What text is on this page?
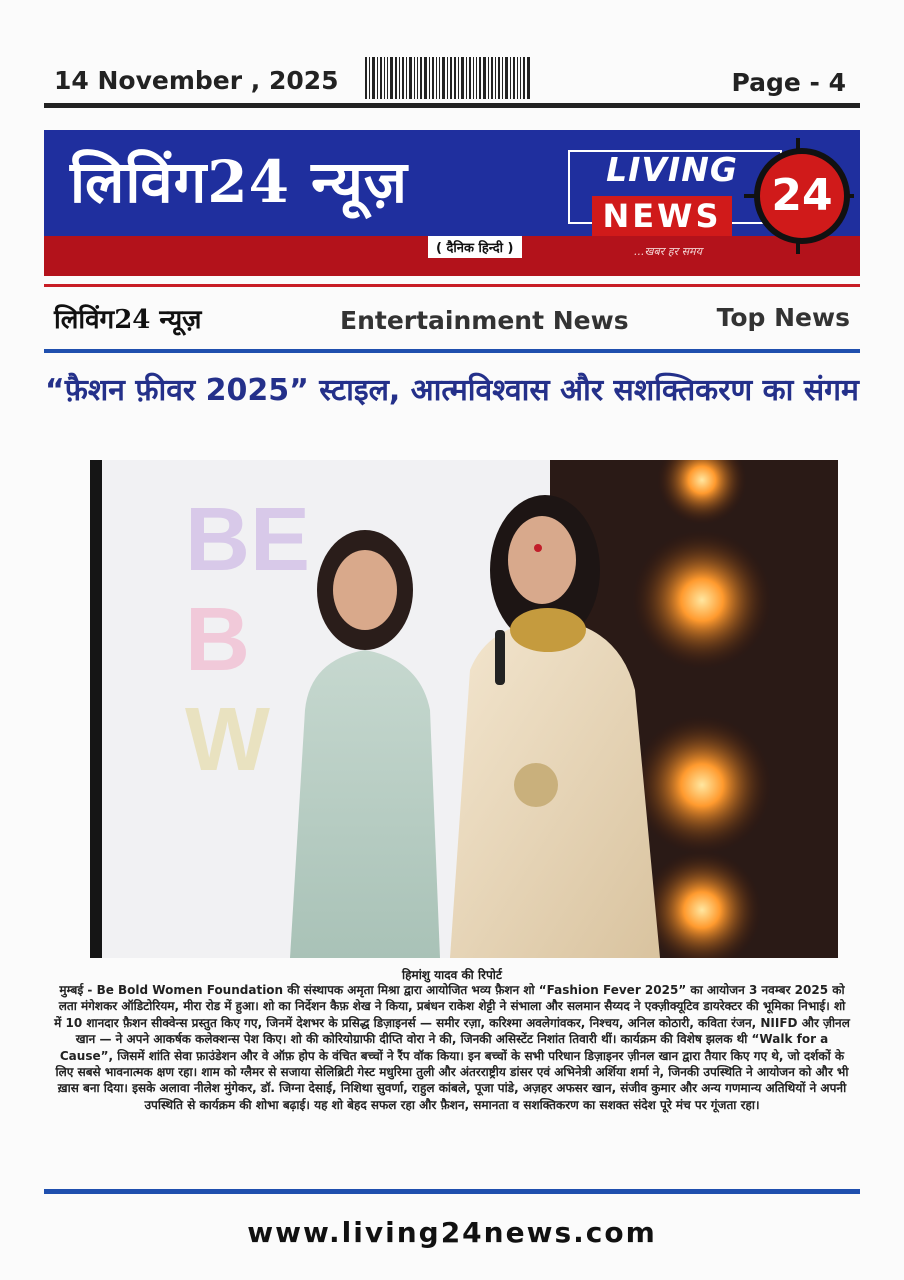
14 November , 2025	Page - 4
लिविंग24 न्यूज़
( दैनिक हिन्दी )
LIVING
NEWS	24
...खबर हर समय
लिविंग24 न्यूज़	Entertainment News	Top News
“फ़ैशन फ़ीवर 2025” स्टाइल, आत्मविश्वास और सशक्तिकरण का संगम
BE
B
W
हिमांशु यादव की रिपोर्ट
मुम्बई - Be Bold Women Foundation की संस्थापक अमृता मिश्रा द्वारा आयोजित भव्य फ़ैशन शो “Fashion Fever 2025” का आयोजन 3 नवम्बर 2025 को लता मंगेशकर ऑडिटोरियम, मीरा रोड में हुआ। शो का निर्देशन कैफ़ शेख ने किया, प्रबंधन राकेश शेट्टी ने संभाला और सलमान सैय्यद ने एक्ज़ीक्यूटिव डायरेक्टर की भूमिका निभाई। शो में 10 शानदार फ़ैशन सीक्वेन्स प्रस्तुत किए गए, जिनमें देशभर के प्रसिद्ध डिज़ाइनर्स — समीर रज़ा, करिश्मा अवलेगांवकर, निश्चय, अनिल कोठारी, कविता रंजन, NIIFD और ज़ीनल खान — ने अपने आकर्षक कलेक्शन्स पेश किए। शो की कोरियोग्राफी दीप्ति वोरा ने की, जिनकी असिस्टेंट निशांत तिवारी थीं। कार्यक्रम की विशेष झलक थी “Walk for a Cause”, जिसमें शांति सेवा फ़ाउंडेशन और वे ऑफ़ होप के वंचित बच्चों ने रैंप वॉक किया। इन बच्चों के सभी परिधान डिज़ाइनर ज़ीनल खान द्वारा तैयार किए गए थे, जो दर्शकों के लिए सबसे भावनात्मक क्षण रहा। शाम को ग्लैमर से सजाया सेलिब्रिटी गेस्ट मधुरिमा तुली और अंतरराष्ट्रीय डांसर एवं अभिनेत्री अर्शिया शर्मा ने, जिनकी उपस्थिति ने आयोजन को और भी ख़ास बना दिया। इसके अलावा नीलेश मुंगेकर, डॉ. जिग्ना देसाई, निशिथा सुवर्णा, राहुल कांबले, पूजा पांडे, अज़हर अफसर खान, संजीव कुमार और अन्य गणमान्य अतिथियों ने अपनी उपस्थिति से कार्यक्रम की शोभा बढ़ाई। यह शो बेहद सफल रहा और फ़ैशन, समानता व सशक्तिकरण का सशक्त संदेश पूरे मंच पर गूंजता रहा।
www.living24news.com
